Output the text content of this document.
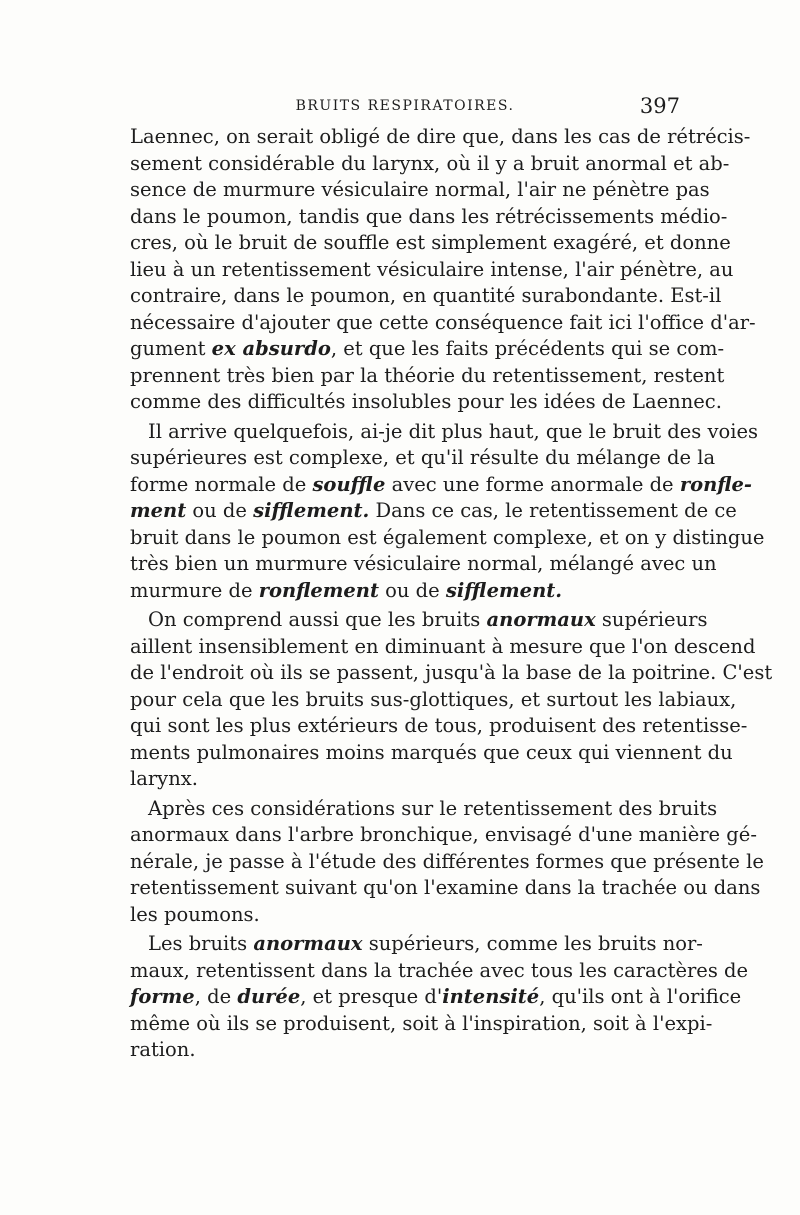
BRUITS RESPIRATOIRES.	397
Laennec, on serait obligé de dire que, dans les cas de rétrécis-
sement considérable du larynx, où il y a bruit anormal et ab-
sence de murmure vésiculaire normal, l'air ne pénètre pas
dans le poumon, tandis que dans les rétrécissements médio-
cres, où le bruit de souffle est simplement exagéré, et donne
lieu à un retentissement vésiculaire intense, l'air pénètre, au
contraire, dans le poumon, en quantité surabondante. Est-il
nécessaire d'ajouter que cette conséquence fait ici l'office d'ar-
gument ex absurdo, et que les faits précédents qui se com-
prennent très bien par la théorie du retentissement, restent
comme des difficultés insolubles pour les idées de Laennec.
Il arrive quelquefois, ai-je dit plus haut, que le bruit des voies
supérieures est complexe, et qu'il résulte du mélange de la
forme normale de souffle avec une forme anormale de ronfle-
ment ou de sifflement. Dans ce cas, le retentissement de ce
bruit dans le poumon est également complexe, et on y distingue
très bien un murmure vésiculaire normal, mélangé avec un
murmure de ronflement ou de sifflement.
On comprend aussi que les bruits anormaux supérieurs
aillent insensiblement en diminuant à mesure que l'on descend
de l'endroit où ils se passent, jusqu'à la base de la poitrine. C'est
pour cela que les bruits sus-glottiques, et surtout les labiaux,
qui sont les plus extérieurs de tous, produisent des retentisse-
ments pulmonaires moins marqués que ceux qui viennent du
larynx.
Après ces considérations sur le retentissement des bruits
anormaux dans l'arbre bronchique, envisagé d'une manière gé-
nérale, je passe à l'étude des différentes formes que présente le
retentissement suivant qu'on l'examine dans la trachée ou dans
les poumons.
Les bruits anormaux supérieurs, comme les bruits nor-
maux, retentissent dans la trachée avec tous les caractères de
forme, de durée, et presque d'intensité, qu'ils ont à l'orifice
même où ils se produisent, soit à l'inspiration, soit à l'expi-
ration.
